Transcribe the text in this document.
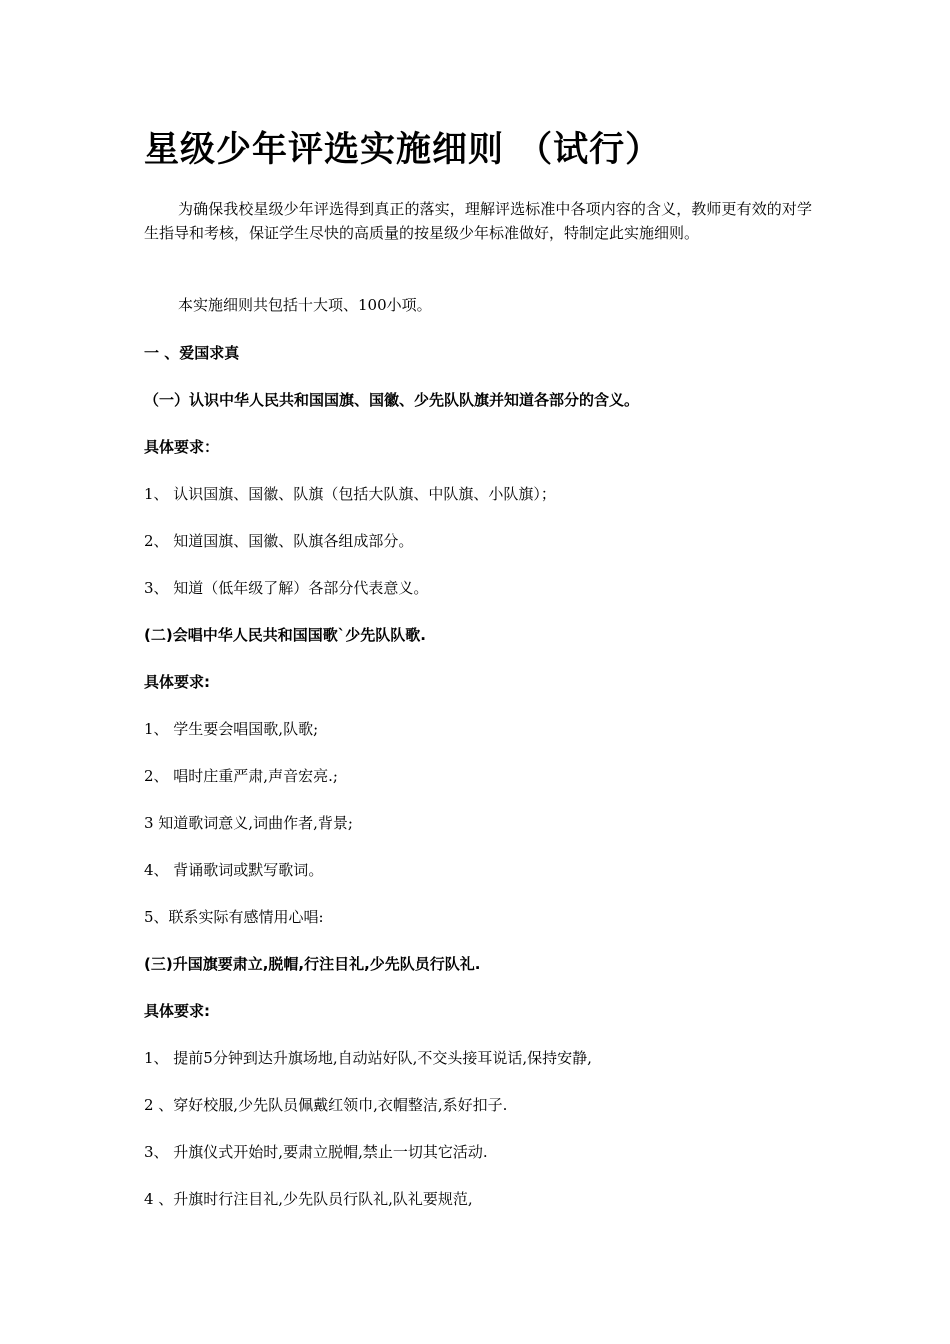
星级少年评选实施细则 （试行）

为确保我校星级少年评选得到真正的落实，理解评选标准中各项内容的含义，教师更有效的对学生指导和考核，保证学生尽快的高质量的按星级少年标准做好，特制定此实施细则。

本实施细则共包括十大项、100小项。

一 、爱国求真

（一）认识中华人民共和国国旗、国徽、少先队队旗并知道各部分的含义。

具体要求：

1、 认识国旗、国徽、队旗（包括大队旗、中队旗、小队旗）；

2、 知道国旗、国徽、队旗各组成部分。

3、 知道（低年级了解）各部分代表意义。

(二)会唱中华人民共和国国歌`少先队队歌.

具体要求:

1、 学生要会唱国歌,队歌;

2、 唱时庄重严肃,声音宏亮.;

3 知道歌词意义,词曲作者,背景;

4、 背诵歌词或默写歌词。

5、联系实际有感情用心唱:

(三)升国旗要肃立,脱帽,行注目礼,少先队员行队礼.

具体要求:

1、 提前5分钟到达升旗场地,自动站好队,不交头接耳说话,保持安静,

2 、穿好校服,少先队员佩戴红领巾,衣帽整洁,系好扣子.

3、 升旗仪式开始时,要肃立脱帽,禁止一切其它活动.

4 、升旗时行注目礼,少先队员行队礼,队礼要规范,
